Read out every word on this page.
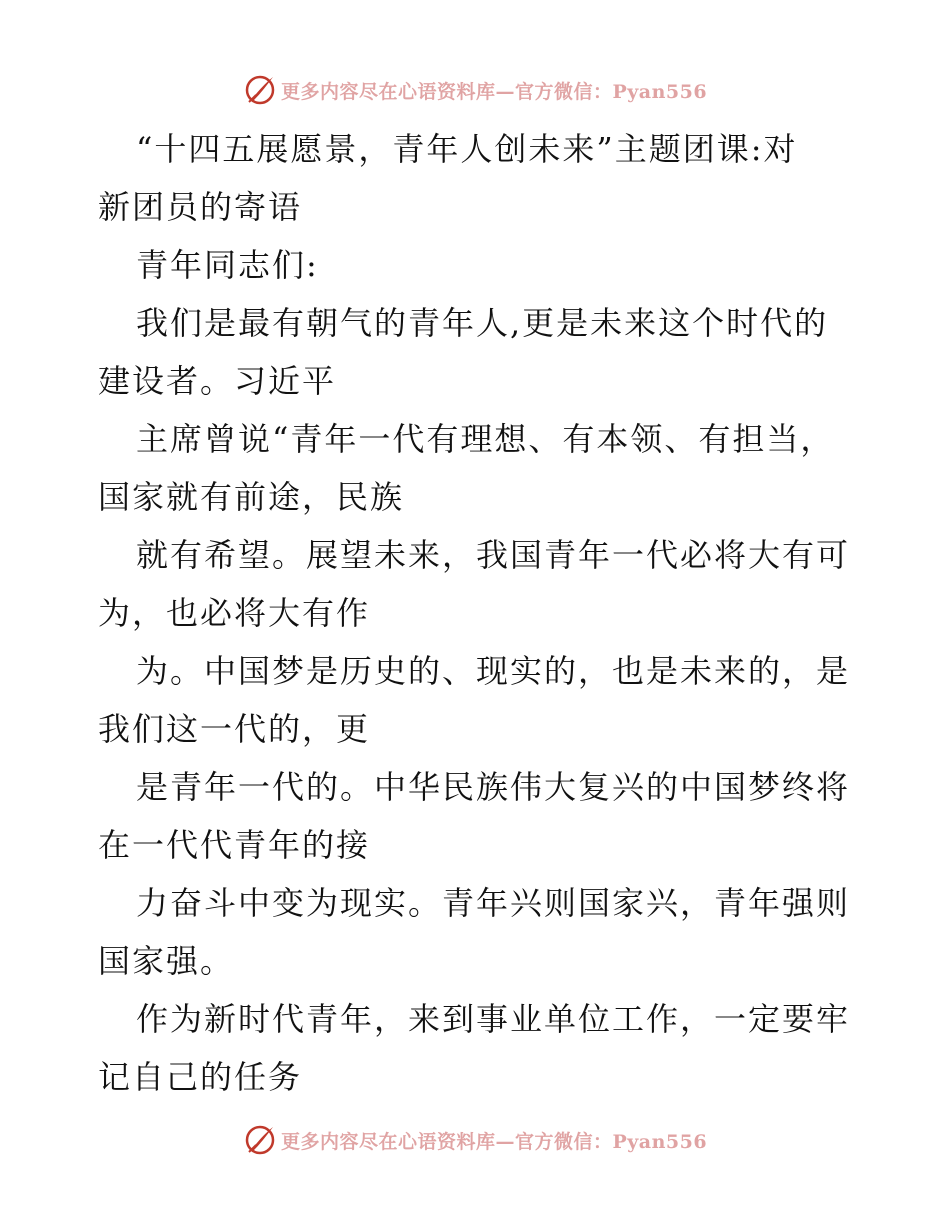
更多内容尽在心语资料库—官方微信：Pyan556
“十四五展愿景，青年人创未来”主题团课:对
新团员的寄语
青年同志们:
我们是最有朝气的青年人,更是未来这个时代的
建设者。习近平
主席曾说“青年一代有理想、有本领、有担当，
国家就有前途，民族
就有希望。展望未来，我国青年一代必将大有可
为，也必将大有作
为。中国梦是历史的、现实的，也是未来的，是
我们这一代的，更
是青年一代的。中华民族伟大复兴的中国梦终将
在一代代青年的接
力奋斗中变为现实。青年兴则国家兴，青年强则
国家强。
作为新时代青年，来到事业单位工作，一定要牢
记自己的任务
更多内容尽在心语资料库—官方微信：Pyan556
